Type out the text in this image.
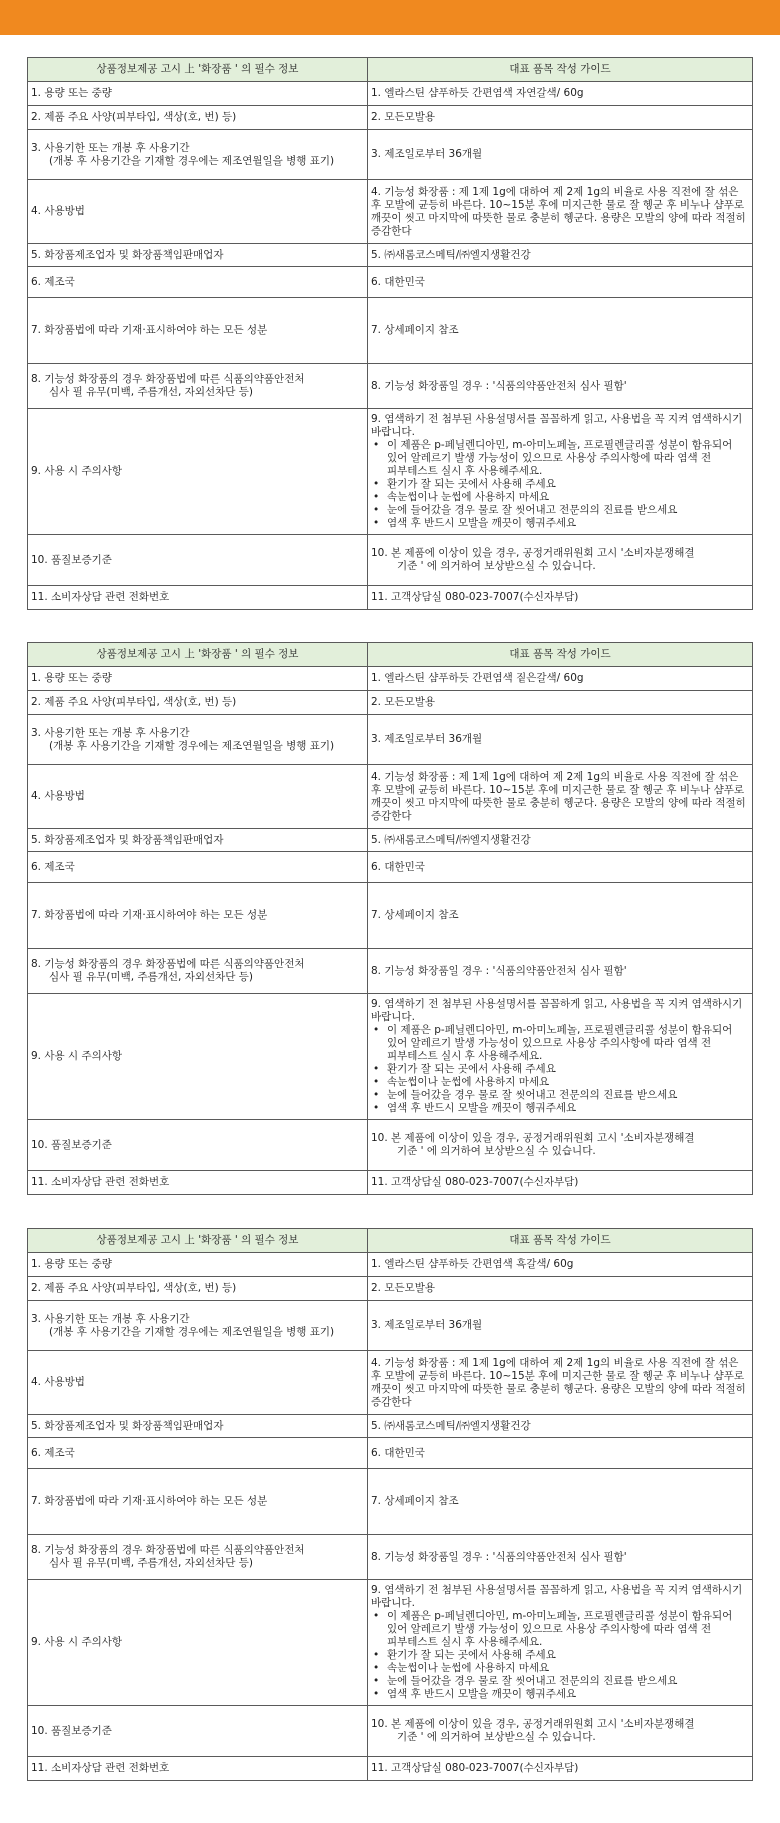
상품정보제공 고시 上 '화장품 ' 의 필수 정보	대표 품목 작성 가이드
1. 용량 또는 중량	1. 엘라스틴 샴푸하듯 간편염색 자연갈색/ 60g
2. 제품 주요 사양(피부타입, 색상(호, 번) 등)	2. 모든모발용
3. 사용기한 또는 개봉 후 사용기간
(개봉 후 사용기간을 기재할 경우에는 제조연월일을 병행 표기)	3. 제조일로부터 36개월
4. 사용방법	4. 기능성 화장품 : 제 1제 1g에 대하여 제 2제 1g의 비율로 사용 직전에 잘 섞은 후 모발에 균등히 바른다. 10~15분 후에 미지근한 물로 잘 헹군 후 비누나 샴푸로 깨끗이 씻고 마지막에 따뜻한 물로 충분히 헹군다. 용량은 모발의 양에 따라 적절히 증감한다
5. 화장품제조업자 및 화장품책임판매업자	5. ㈜새롬코스메틱/㈜엘지생활건강
6. 제조국	6. 대한민국
7. 화장품법에 따라 기재·표시하여야 하는 모든 성분	7. 상세페이지 참조
8. 기능성 화장품의 경우 화장품법에 따른 식품의약품안전처
심사 필 유무(미백, 주름개선, 자외선차단 등)	8. 기능성 화장품일 경우 : '식품의약품안전처 심사 필함'
9. 사용 시 주의사항	9. 염색하기 전 첨부된 사용설명서를 꼼꼼하게 읽고, 사용법을 꼭 지켜 염색하시기 바랍니다.
• 이 제품은 p-페닐렌디아민, m-아미노페놀, 프로필렌글리콜 성분이 함유되어 있어 알레르기 발생 가능성이 있으므로 사용상 주의사항에 따라 염색 전 피부테스트 실시 후 사용해주세요.
• 환기가 잘 되는 곳에서 사용해 주세요
• 속눈썹이나 눈썹에 사용하지 마세요
• 눈에 들어갔을 경우 물로 잘 씻어내고 전문의의 진료를 받으세요
• 염색 후 반드시 모발을 깨끗이 헹궈주세요

10. 품질보증기준	10. 본 제품에 이상이 있을 경우, 공정거래위원회 고시 '소비자분쟁해결
기준 ' 에 의거하여 보상받으실 수 있습니다.

11. 소비자상담 관련 전화번호	11. 고객상담실 080-023-7007(수신자부담)
상품정보제공 고시 上 '화장품 ' 의 필수 정보	대표 품목 작성 가이드
1. 용량 또는 중량	1. 엘라스틴 샴푸하듯 간편염색 짙은갈색/ 60g
2. 제품 주요 사양(피부타입, 색상(호, 번) 등)	2. 모든모발용
3. 사용기한 또는 개봉 후 사용기간
(개봉 후 사용기간을 기재할 경우에는 제조연월일을 병행 표기)	3. 제조일로부터 36개월
4. 사용방법	4. 기능성 화장품 : 제 1제 1g에 대하여 제 2제 1g의 비율로 사용 직전에 잘 섞은 후 모발에 균등히 바른다. 10~15분 후에 미지근한 물로 잘 헹군 후 비누나 샴푸로 깨끗이 씻고 마지막에 따뜻한 물로 충분히 헹군다. 용량은 모발의 양에 따라 적절히 증감한다
5. 화장품제조업자 및 화장품책임판매업자	5. ㈜새롬코스메틱/㈜엘지생활건강
6. 제조국	6. 대한민국
7. 화장품법에 따라 기재·표시하여야 하는 모든 성분	7. 상세페이지 참조
8. 기능성 화장품의 경우 화장품법에 따른 식품의약품안전처
심사 필 유무(미백, 주름개선, 자외선차단 등)	8. 기능성 화장품일 경우 : '식품의약품안전처 심사 필함'
9. 사용 시 주의사항	9. 염색하기 전 첨부된 사용설명서를 꼼꼼하게 읽고, 사용법을 꼭 지켜 염색하시기 바랍니다.
• 이 제품은 p-페닐렌디아민, m-아미노페놀, 프로필렌글리콜 성분이 함유되어 있어 알레르기 발생 가능성이 있으므로 사용상 주의사항에 따라 염색 전 피부테스트 실시 후 사용해주세요.
• 환기가 잘 되는 곳에서 사용해 주세요
• 속눈썹이나 눈썹에 사용하지 마세요
• 눈에 들어갔을 경우 물로 잘 씻어내고 전문의의 진료를 받으세요
• 염색 후 반드시 모발을 깨끗이 헹궈주세요

10. 품질보증기준	10. 본 제품에 이상이 있을 경우, 공정거래위원회 고시 '소비자분쟁해결
기준 ' 에 의거하여 보상받으실 수 있습니다.

11. 소비자상담 관련 전화번호	11. 고객상담실 080-023-7007(수신자부담)
상품정보제공 고시 上 '화장품 ' 의 필수 정보	대표 품목 작성 가이드
1. 용량 또는 중량	1. 엘라스틴 샴푸하듯 간편염색 흑갈색/ 60g
2. 제품 주요 사양(피부타입, 색상(호, 번) 등)	2. 모든모발용
3. 사용기한 또는 개봉 후 사용기간
(개봉 후 사용기간을 기재할 경우에는 제조연월일을 병행 표기)	3. 제조일로부터 36개월
4. 사용방법	4. 기능성 화장품 : 제 1제 1g에 대하여 제 2제 1g의 비율로 사용 직전에 잘 섞은 후 모발에 균등히 바른다. 10~15분 후에 미지근한 물로 잘 헹군 후 비누나 샴푸로 깨끗이 씻고 마지막에 따뜻한 물로 충분히 헹군다. 용량은 모발의 양에 따라 적절히 증감한다
5. 화장품제조업자 및 화장품책임판매업자	5. ㈜새롬코스메틱/㈜엘지생활건강
6. 제조국	6. 대한민국
7. 화장품법에 따라 기재·표시하여야 하는 모든 성분	7. 상세페이지 참조
8. 기능성 화장품의 경우 화장품법에 따른 식품의약품안전처
심사 필 유무(미백, 주름개선, 자외선차단 등)	8. 기능성 화장품일 경우 : '식품의약품안전처 심사 필함'
9. 사용 시 주의사항	9. 염색하기 전 첨부된 사용설명서를 꼼꼼하게 읽고, 사용법을 꼭 지켜 염색하시기 바랍니다.
• 이 제품은 p-페닐렌디아민, m-아미노페놀, 프로필렌글리콜 성분이 함유되어 있어 알레르기 발생 가능성이 있으므로 사용상 주의사항에 따라 염색 전 피부테스트 실시 후 사용해주세요.
• 환기가 잘 되는 곳에서 사용해 주세요
• 속눈썹이나 눈썹에 사용하지 마세요
• 눈에 들어갔을 경우 물로 잘 씻어내고 전문의의 진료를 받으세요
• 염색 후 반드시 모발을 깨끗이 헹궈주세요

10. 품질보증기준	10. 본 제품에 이상이 있을 경우, 공정거래위원회 고시 '소비자분쟁해결
기준 ' 에 의거하여 보상받으실 수 있습니다.

11. 소비자상담 관련 전화번호	11. 고객상담실 080-023-7007(수신자부담)
